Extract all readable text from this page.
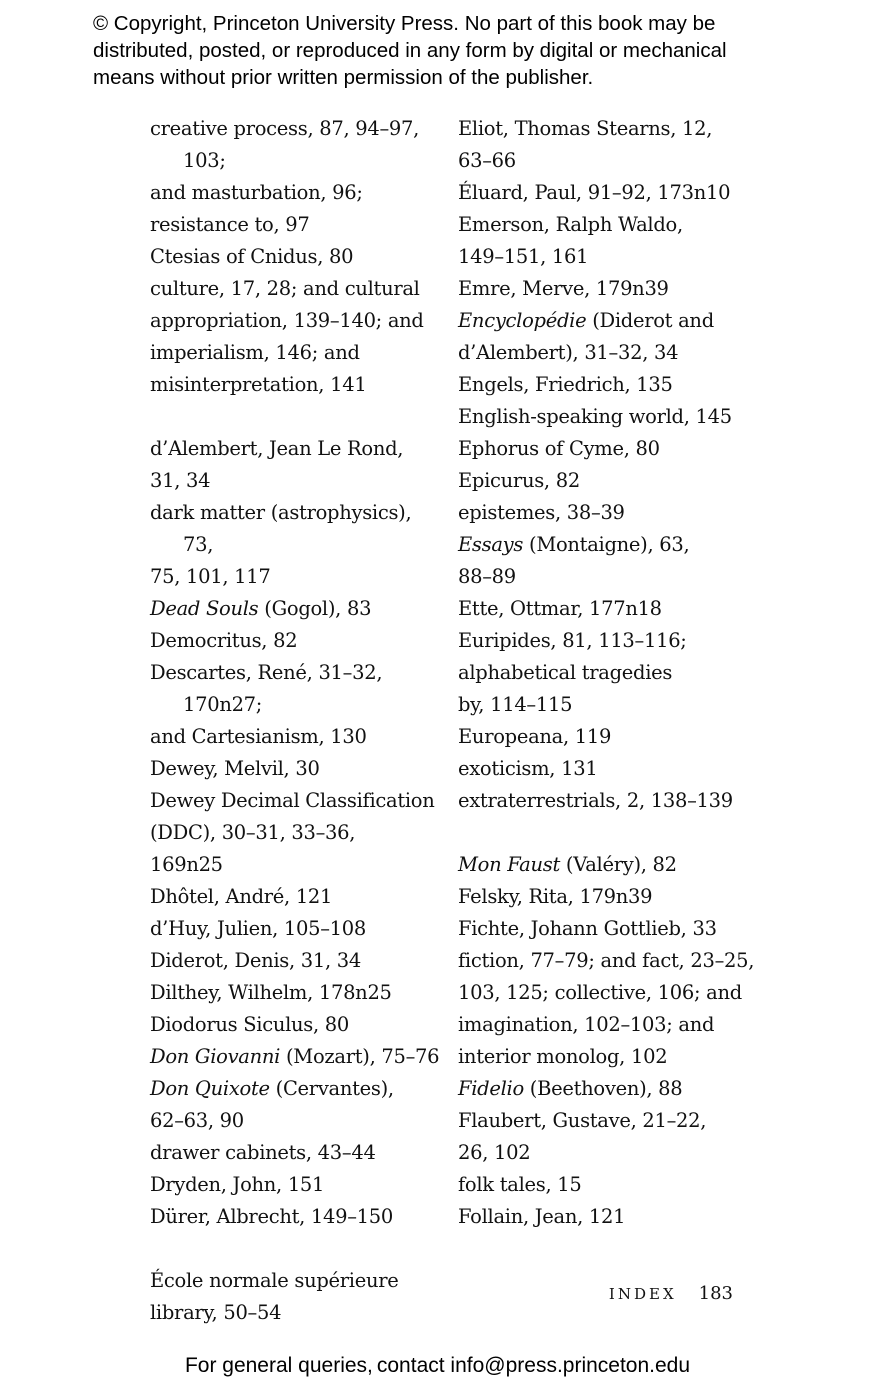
© Copyright, Princeton University Press. No part of this book may be
distributed, posted, or reproduced in any form by digital or mechanical
means without prior written permission of the publisher.
creative process, 87, 94–97, 103;
and masturbation, 96;
resistance to, 97
Ctesias of Cnidus, 80
culture, 17, 28; and cultural
appropriation, 139–140; and
imperialism, 146; and
misinterpretation, 141
d’Alembert, Jean Le Rond,
31, 34
dark matter (astrophysics), 73,
75, 101, 117
Dead Souls (Gogol), 83
Democritus, 82
Descartes, René, 31–32, 170n27;
and Cartesianism, 130
Dewey, Melvil, 30
Dewey Decimal Classification
(DDC), 30–31, 33–36,
169n25
Dhôtel, André, 121
d’Huy, Julien, 105–108
Diderot, Denis, 31, 34
Dilthey, Wilhelm, 178n25
Diodorus Siculus, 80
Don Giovanni (Mozart), 75–76
Don Quixote (Cervantes),
62–63, 90
drawer cabinets, 43–44
Dryden, John, 151
Dürer, Albrecht, 149–150
École normale supérieure
library, 50–54
Eliot, Thomas Stearns, 12,
63–66
Éluard, Paul, 91–92, 173n10
Emerson, Ralph Waldo,
149–151, 161
Emre, Merve, 179n39
Encyclopédie (Diderot and
d’Alembert), 31–32, 34
Engels, Friedrich, 135
English-speaking world, 145
Ephorus of Cyme, 80
Epicurus, 82
epistemes, 38–39
Essays (Montaigne), 63,
88–89
Ette, Ottmar, 177n18
Euripides, 81, 113–116;
alphabetical tragedies
by, 114–115
Europeana, 119
exoticism, 131
extraterrestrials, 2, 138–139
Mon Faust (Valéry), 82
Felsky, Rita, 179n39
Fichte, Johann Gottlieb, 33
fiction, 77–79; and fact, 23–25,
103, 125; collective, 106; and
imagination, 102–103; and
interior monolog, 102
Fidelio (Beethoven), 88
Flaubert, Gustave, 21–22,
26, 102
folk tales, 15
Follain, Jean, 121
INDEX 183
For general queries, contact info@press.princeton.edu
